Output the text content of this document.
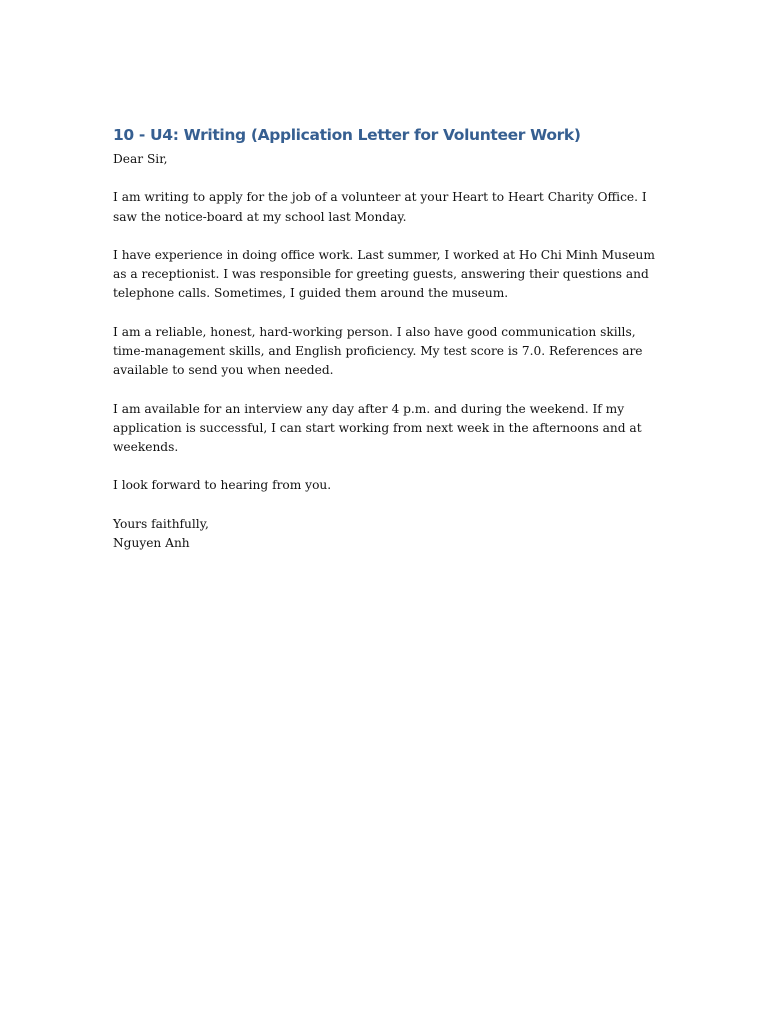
10 - U4: Writing (Application Letter for Volunteer Work)

Dear Sir,

I am writing to apply for the job of a volunteer at your Heart to Heart Charity Office. I saw the notice-board at my school last Monday.

I have experience in doing office work. Last summer, I worked at Ho Chi Minh Museum as a receptionist. I was responsible for greeting guests, answering their questions and telephone calls. Sometimes, I guided them around the museum.

I am a reliable, honest, hard-working person. I also have good communication skills, time-management skills, and English proficiency. My test score is 7.0. References are available to send you when needed.

I am available for an interview any day after 4 p.m. and during the weekend. If my application is successful, I can start working from next week in the afternoons and at weekends.

I look forward to hearing from you.

Yours faithfully,

Nguyen Anh
